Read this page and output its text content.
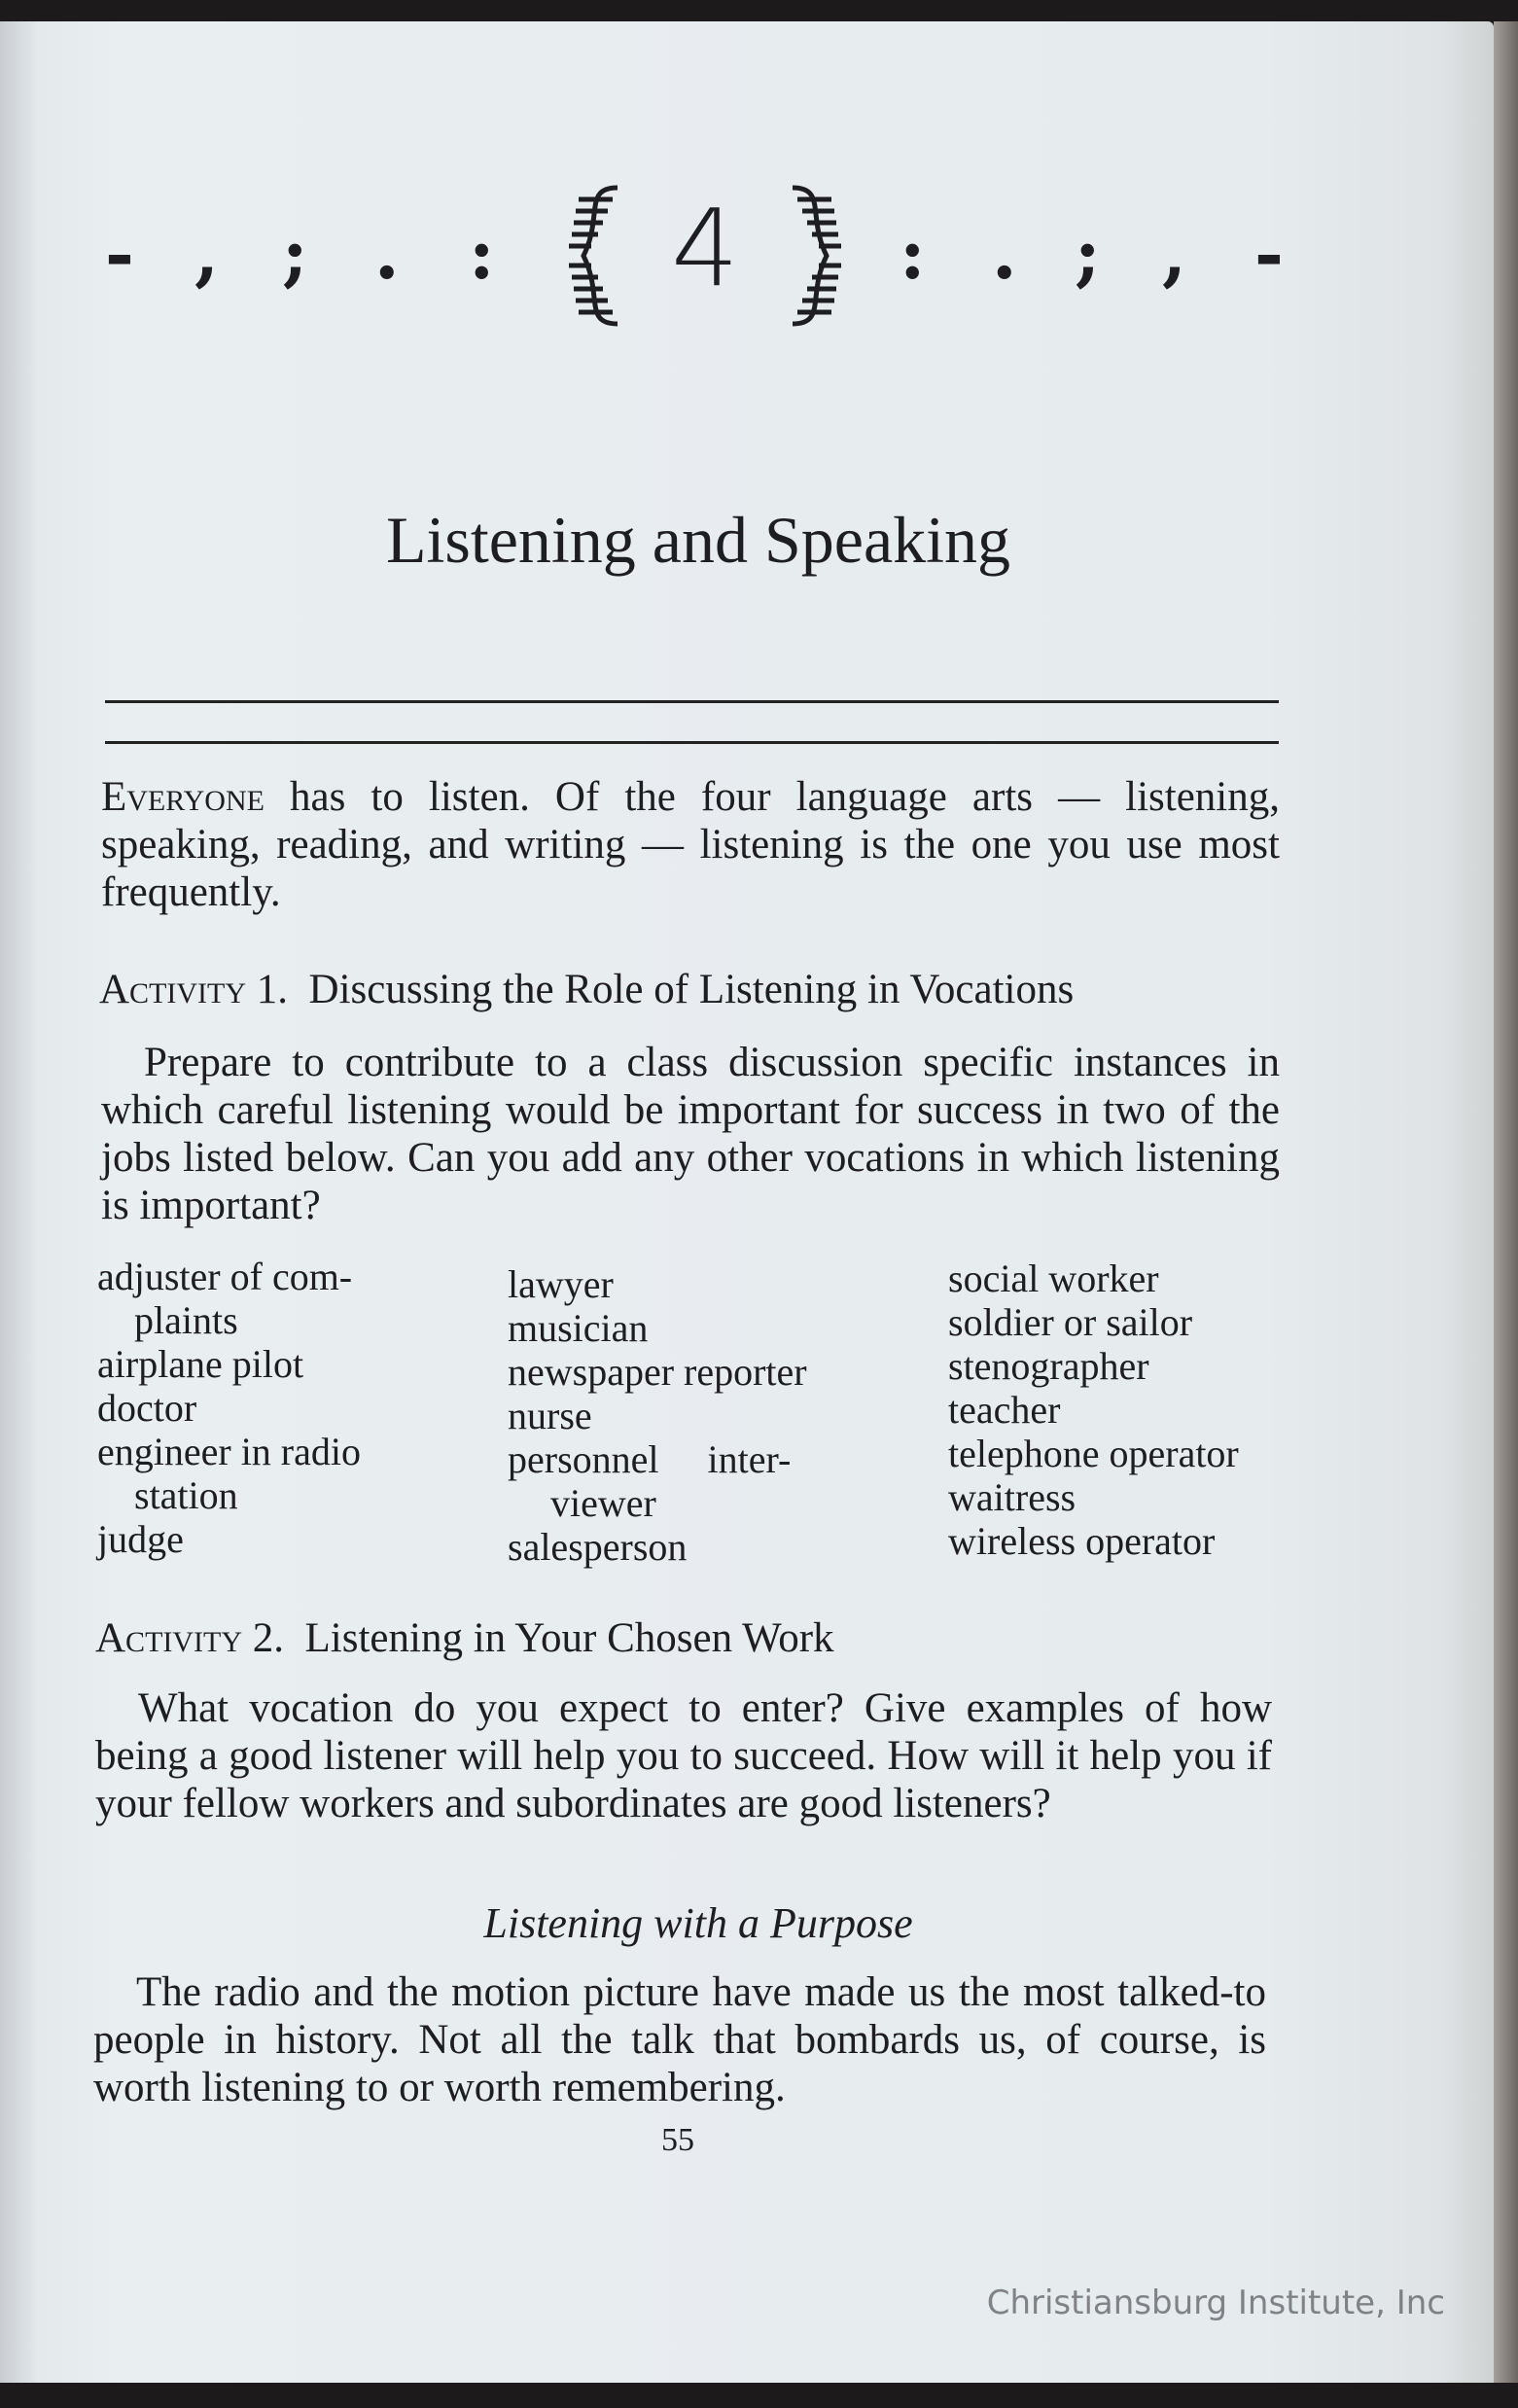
- , ; • : 4 : • ; , -
Listening and Speaking
Everyone has to listen. Of the four language arts — listening, speaking, reading, and writing — listening is the one you use most frequently.
Activity 1. Discussing the Role of Listening in Vocations
Prepare to contribute to a class discussion specific instances in which careful listening would be important for success in two of the jobs listed below. Can you add any other vocations in which listening is important?
adjuster of com-
plaints
airplane pilot
doctor
engineer in radio
station
judge
lawyer
musician
newspaper reporter
nurse
personnel inter-
viewer
salesperson
social worker
soldier or sailor
stenographer
teacher
telephone operator
waitress
wireless operator
Activity 2. Listening in Your Chosen Work
What vocation do you expect to enter? Give examples of how being a good listener will help you to succeed. How will it help you if your fellow workers and subordinates are good listeners?
Listening with a Purpose
The radio and the motion picture have made us the most talked-to people in history. Not all the talk that bombards us, of course, is worth listening to or worth remembering.
55
Christiansburg Institute, Inc
